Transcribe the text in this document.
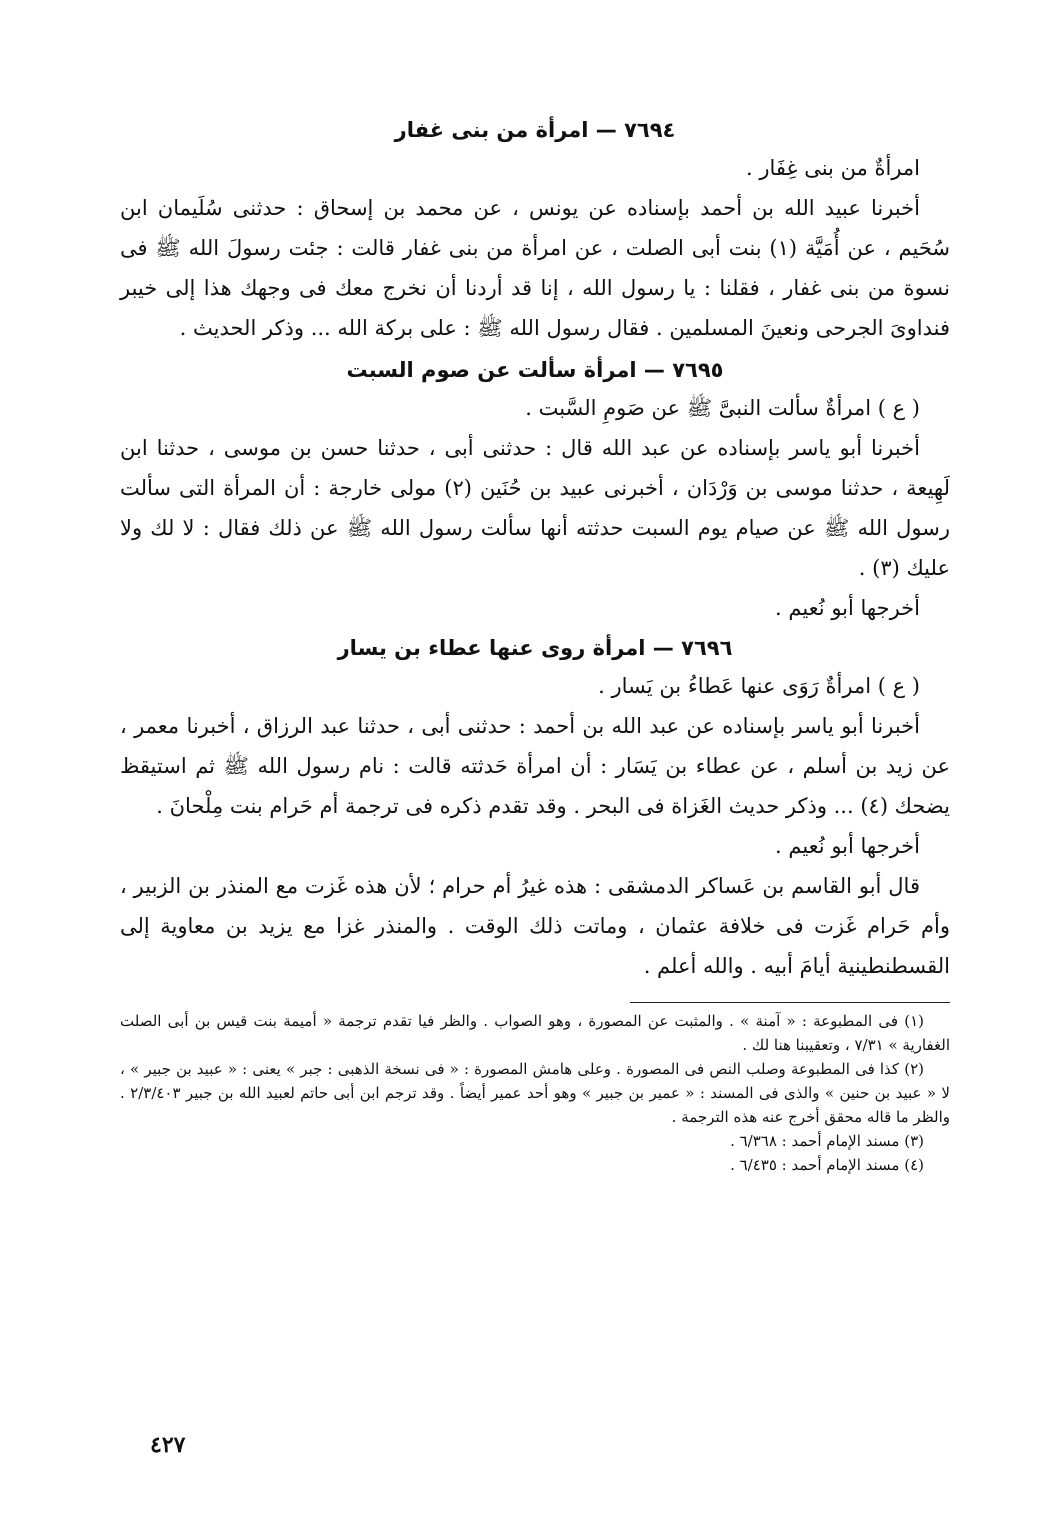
٧٦٩٤ — امرأة من بنى غفار

امرأةٌ من بنى غِفَار .

أخبرنا عبيد الله بن أحمد بإسناده عن يونس ، عن محمد بن إسحاق : حدثنى سُلَيمان ابن سُحَيم ، عن أُمَيَّة (١) بنت أبى الصلت ، عن امرأة من بنى غفار قالت : جئت رسولَ الله ﷺ فى نسوة من بنى غفار ، فقلنا : يا رسول الله ، إنا قد أردنا أن نخرج معك فى وجهك هذا إلى خيبر فنداوىَ الجرحى ونعينَ المسلمين . فقال رسول الله ﷺ : على بركة الله ... وذكر الحديث .

٧٦٩٥ — امرأة سألت عن صوم السبت

( ع ) امرأةٌ سألت النبىَّ ﷺ عن صَومِ السَّبت .

أخبرنا أبو ياسر بإسناده عن عبد الله قال : حدثنى أبى ، حدثنا حسن بن موسى ، حدثنا ابن لَهِيعة ، حدثنا موسى بن وَرْدَان ، أخبرنى عبيد بن حُنَين (٢) مولى خارجة : أن المرأة التى سألت رسول الله ﷺ عن صيام يوم السبت حدثته أنها سألت رسول الله ﷺ عن ذلك فقال : لا لك ولا عليك (٣) .

أخرجها أبو نُعيم .

٧٦٩٦ — امرأة روى عنها عطاء بن يسار

( ع ) امرأةٌ رَوَى عنها عَطاءُ بن يَسار .

أخبرنا أبو ياسر بإسناده عن عبد الله بن أحمد : حدثنى أبى ، حدثنا عبد الرزاق ، أخبرنا معمر ، عن زيد بن أسلم ، عن عطاء بن يَسَار : أن امرأة حَدثته قالت : نام رسول الله ﷺ ثم استيقظ يضحك (٤) ... وذكر حديث الغَزاة فى البحر . وقد تقدم ذكره فى ترجمة أم حَرام بنت مِلْحانَ .

أخرجها أبو نُعيم .

قال أبو القاسم بن عَساكر الدمشقى : هذه غيرُ أم حرام ؛ لأن هذه غَزت مع المنذر بن الزبير ، وأم حَرام غَزت فى خلافة عثمان ، وماتت ذلك الوقت . والمنذر غزا مع يزيد بن معاوية إلى القسطنطينية أيامَ أبيه . والله أعلم .

(١) فى المطبوعة : « آمنة » . والمثبت عن المصورة ، وهو الصواب . والظر فيا تقدم ترجمة « أميمة بنت قيس بن أبى الصلت الغفارية » ٧/٣١ ، وتعقيبنا هنا لك .

(٢) كذا فى المطبوعة وصلب النص فى المصورة . وعلى هامش المصورة : « فى نسخة الذهبى : جبر » يعنى : « عبيد بن جبير » ، لا « عبيد بن حنين » والذى فى المسند : « عمير بن جبير » وهو أحد عمير أيضاً . وقد ترجم ابن أبى حاتم لعبيد الله بن جبير ٢/٣/٤٠٣ . والظر ما قاله محقق أخرج عنه هذه الترجمة .

(٣) مسند الإمام أحمد : ٦/٣٦٨ .

(٤) مسند الإمام أحمد : ٦/٤٣٥ .

٤٢٧
